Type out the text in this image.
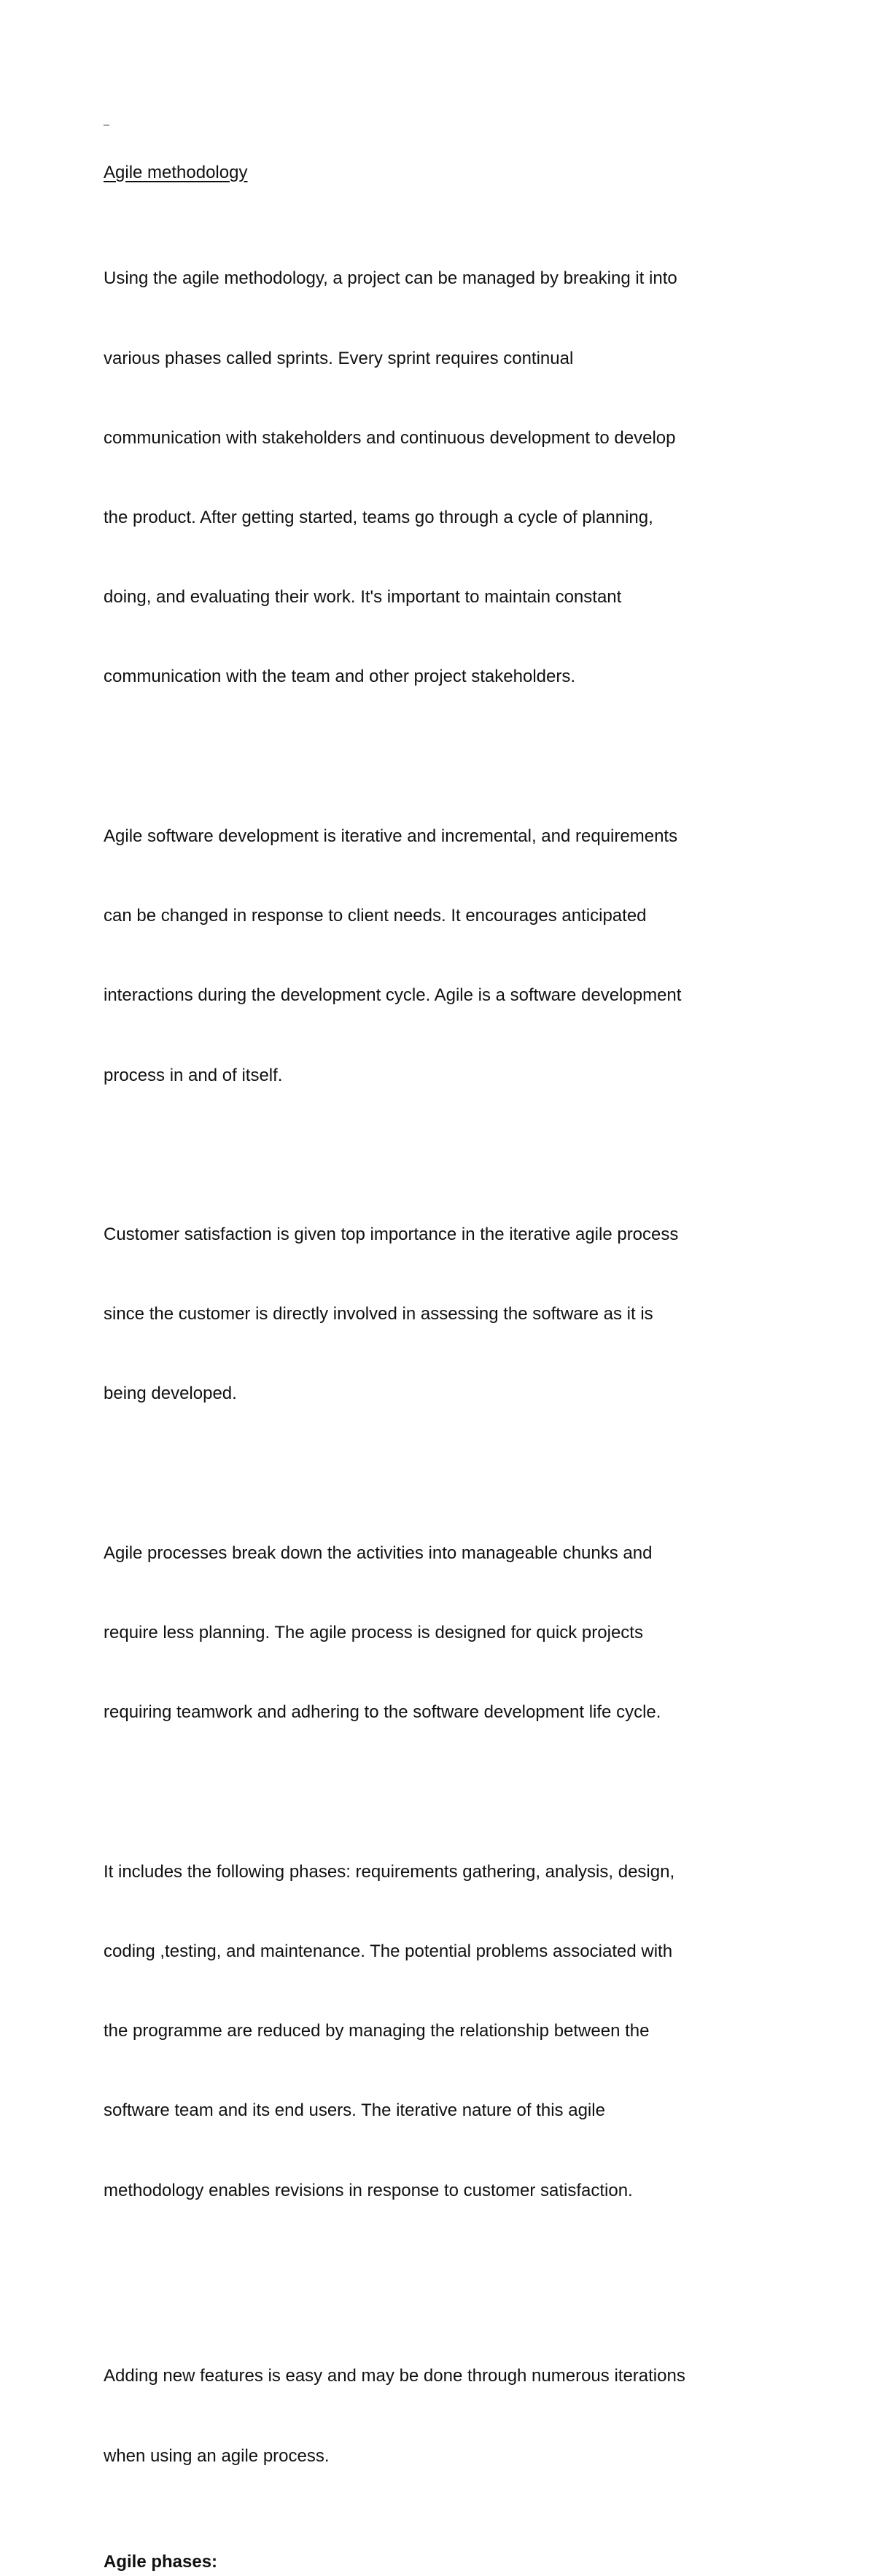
_

Agile methodology

Using the agile methodology, a project can be managed by breaking it into

various phases called sprints. Every sprint requires continual

communication with stakeholders and continuous development to develop

the product. After getting started, teams go through a cycle of planning,

doing, and evaluating their work. It's important to maintain constant

communication with the team and other project stakeholders.

Agile software development is iterative and incremental, and requirements

can be changed in response to client needs. It encourages anticipated

interactions during the development cycle. Agile is a software development

process in and of itself.

Customer satisfaction is given top importance in the iterative agile process

since the customer is directly involved in assessing the software as it is

being developed.

Agile processes break down the activities into manageable chunks and

require less planning. The agile process is designed for quick projects

requiring teamwork and adhering to the software development life cycle.

It includes the following phases: requirements gathering, analysis, design,

coding ,testing, and maintenance. The potential problems associated with

the programme are reduced by managing the relationship between the

software team and its end users. The iterative nature of this agile

methodology enables revisions in response to customer satisfaction.

Adding new features is easy and may be done through numerous iterations

when using an agile process.

Agile phases:
